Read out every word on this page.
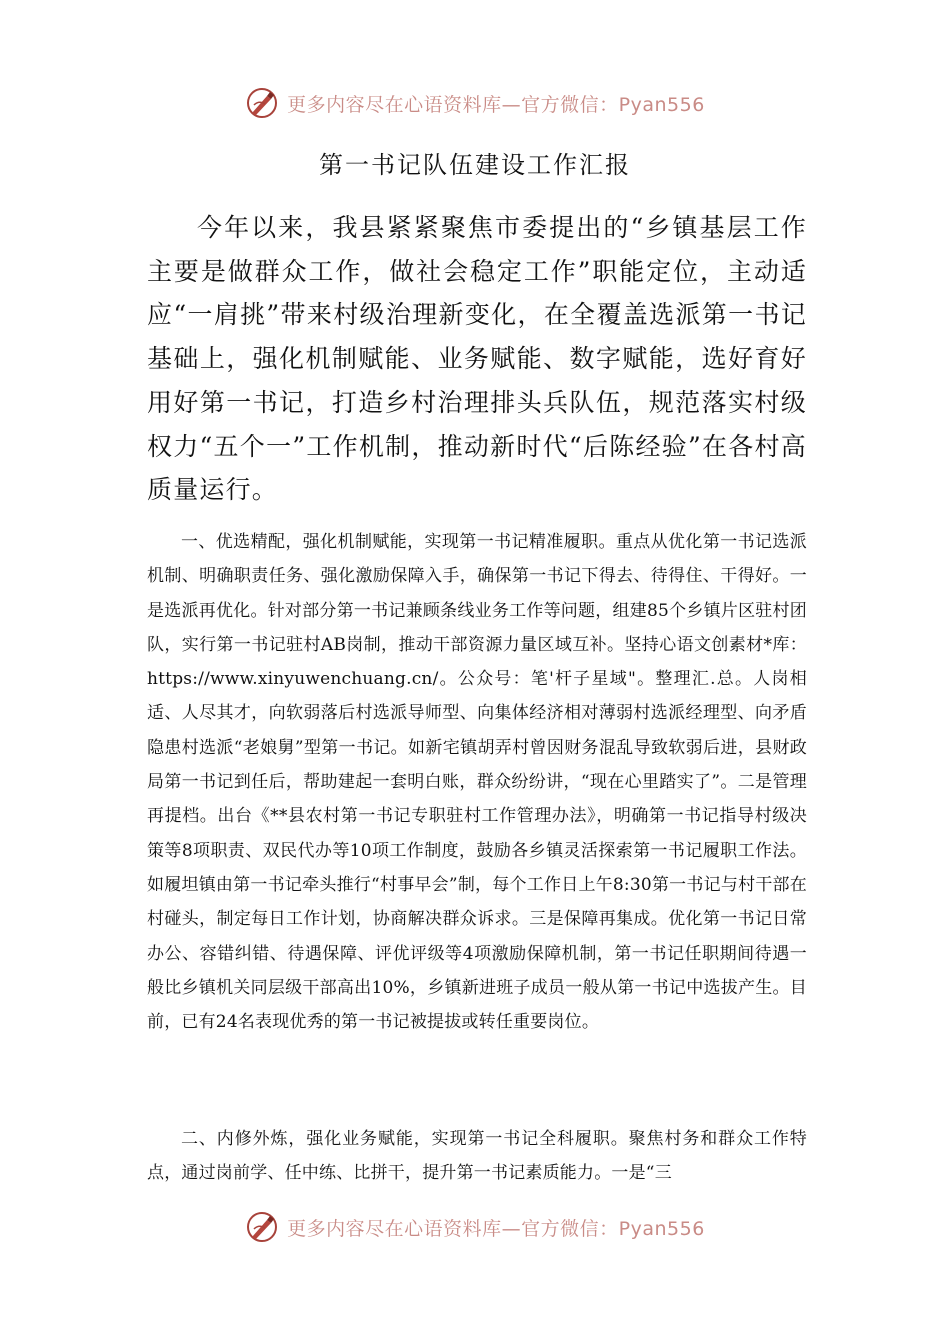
更多内容尽在心语资料库—官方微信：Pyan556
第一书记队伍建设工作汇报

今年以来，我县紧紧聚焦市委提出的“乡镇基层工作主要是做群众工作，做社会稳定工作”职能定位，主动适应“一肩挑”带来村级治理新变化，在全覆盖选派第一书记基础上，强化机制赋能、业务赋能、数字赋能，选好育好用好第一书记，打造乡村治理排头兵队伍，规范落实村级权力“五个一”工作机制，推动新时代“后陈经验”在各村高质量运行。

一、优选精配，强化机制赋能，实现第一书记精准履职。重点从优化第一书记选派机制、明确职责任务、强化激励保障入手，确保第一书记下得去、待得住、干得好。一是选派再优化。针对部分第一书记兼顾条线业务工作等问题，组建85个乡镇片区驻村团队，实行第一书记驻村AB岗制，推动干部资源力量区域互补。坚持心语文创素材*库：https://www.xinyuwenchuang.cn/。公众号：笔'杆子星域"。整理汇.总。人岗相适、人尽其才，向软弱落后村选派导师型、向集体经济相对薄弱村选派经理型、向矛盾隐患村选派“老娘舅”型第一书记。如新宅镇胡弄村曾因财务混乱导致软弱后进，县财政局第一书记到任后，帮助建起一套明白账，群众纷纷讲，“现在心里踏实了”。二是管理再提档。出台《**县农村第一书记专职驻村工作管理办法》，明确第一书记指导村级决策等8项职责、双民代办等10项工作制度，鼓励各乡镇灵活探索第一书记履职工作法。如履坦镇由第一书记牵头推行“村事早会”制，每个工作日上午8:30第一书记与村干部在村碰头，制定每日工作计划，协商解决群众诉求。三是保障再集成。优化第一书记日常办公、容错纠错、待遇保障、评优评级等4项激励保障机制，第一书记任职期间待遇一般比乡镇机关同层级干部高出10%，乡镇新进班子成员一般从第一书记中选拔产生。目前，已有24名表现优秀的第一书记被提拔或转任重要岗位。

二、内修外炼，强化业务赋能，实现第一书记全科履职。聚焦村务和群众工作特点，通过岗前学、任中练、比拼干，提升第一书记素质能力。一是“三

更多内容尽在心语资料库—官方微信：Pyan556
